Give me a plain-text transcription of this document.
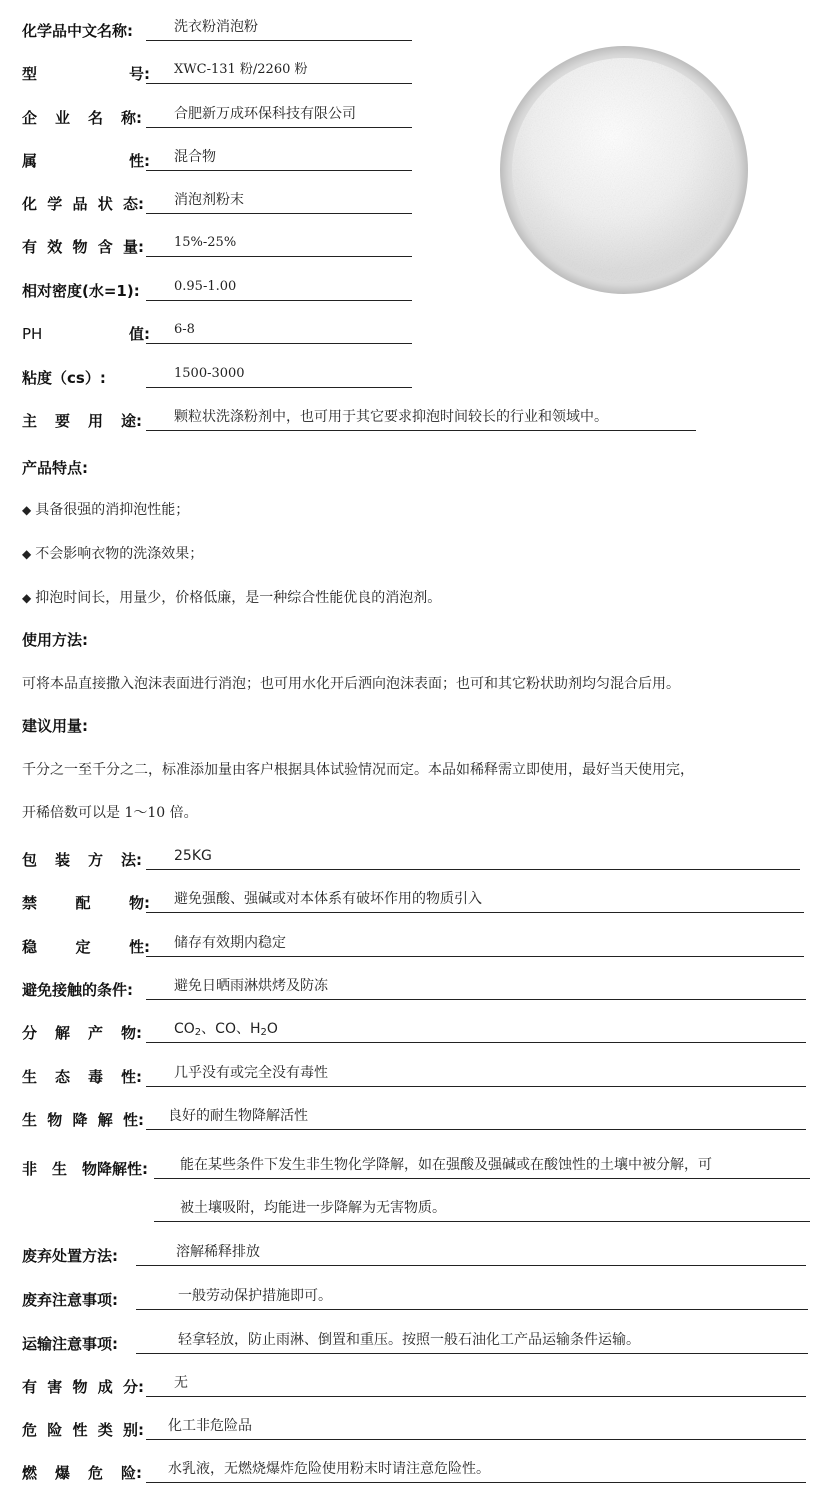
化学品中文名称:	洗衣粉消泡粉
型	号:	XWC-131 粉/2260 粉
企 业 名 称:	合肥新万成环保科技有限公司
属	性:	混合物
化 学 品 状 态:	消泡剂粉末
有 效 物 含 量:	15%-25%
相对密度(水=1):	0.95-1.00
PH	值:	6-8
粘度（cs）:	1500-3000
主 要 用 途:	颗粒状洗涤粉剂中，也可用于其它要求抑泡时间较长的行业和领域中。
产品特点:
◆ 具备很强的消抑泡性能；
◆ 不会影响衣物的洗涤效果；
◆ 抑泡时间长，用量少，价格低廉，是一种综合性能优良的消泡剂。
使用方法:
可将本品直接撒入泡沫表面进行消泡；也可用水化开后洒向泡沫表面；也可和其它粉状助剂均匀混合后用。
建议用量:
千分之一至千分之二，标准添加量由客户根据具体试验情况而定。本品如稀释需立即使用，最好当天使用完，
开稀倍数可以是 1～10 倍。
包 装 方 法:	25KG
禁	配	物:	避免强酸、强碱或对本体系有破坏作用的物质引入
稳	定	性:	储存有效期内稳定
避免接触的条件:	避免日晒雨淋烘烤及防冻
分 解 产 物:	$CO_2$、CO、$H_2O$
生 态 毒 性:	几乎没有或完全没有毒性
生 物 降 解 性:	良好的耐生物降解活性
非 生 物降解性:	能在某些条件下发生非生物化学降解，如在强酸及强碱或在酸蚀性的土壤中被分解，可
被土壤吸附，均能进一步降解为无害物质。
废弃处置方法:	溶解稀释排放
废弃注意事项:	一般劳动保护措施即可。
运输注意事项:	轻拿轻放，防止雨淋、倒置和重压。按照一般石油化工产品运输条件运输。
有 害 物 成 分:	无
危 险 性 类 别:	化工非危险品
燃 爆 危 险:	水乳液，无燃烧爆炸危险使用粉末时请注意危险性。
